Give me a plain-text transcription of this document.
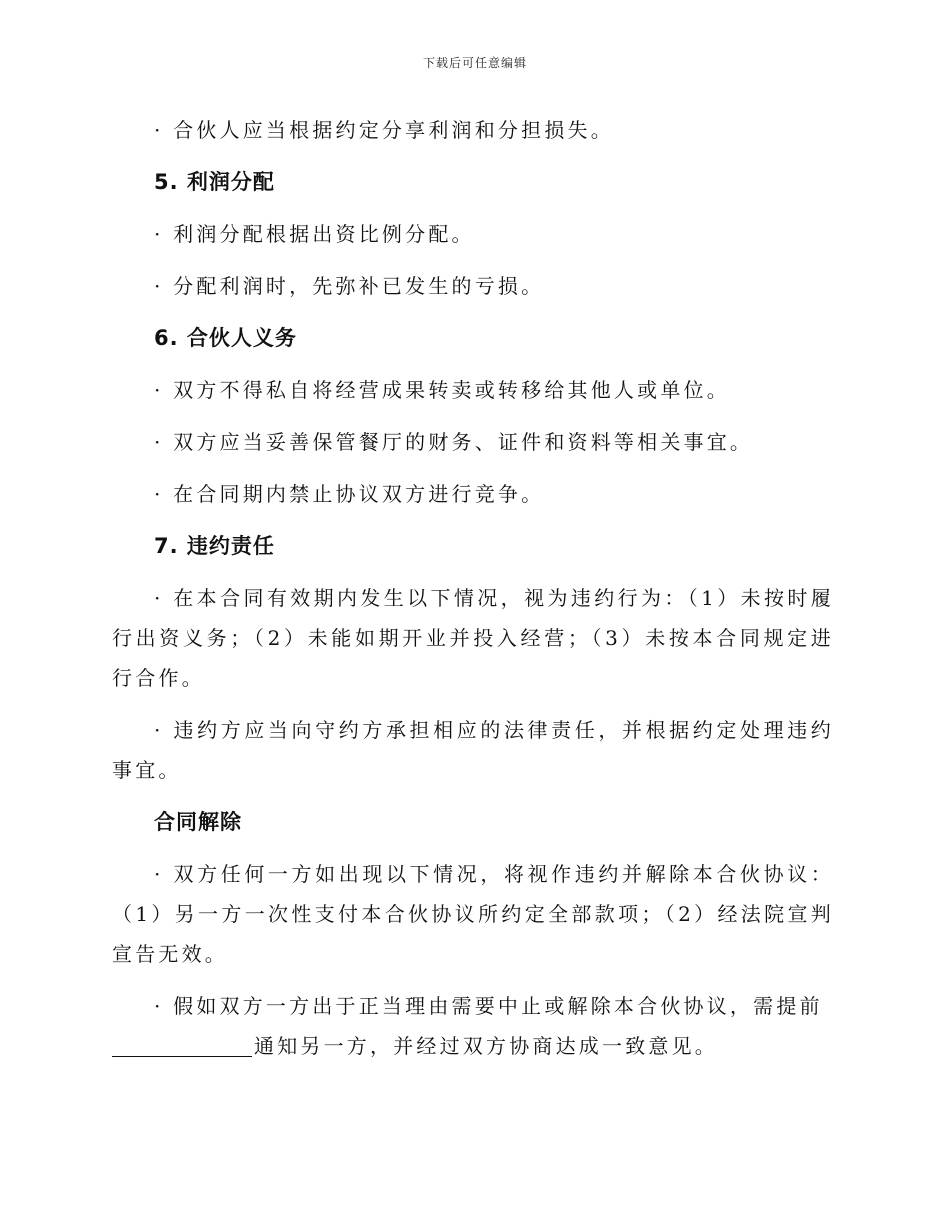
下载后可任意编辑

· 合伙人应当根据约定分享利润和分担损失。

5. 利润分配

· 利润分配根据出资比例分配。

· 分配利润时，先弥补已发生的亏损。

6. 合伙人义务

· 双方不得私自将经营成果转卖或转移给其他人或单位。

· 双方应当妥善保管餐厅的财务、证件和资料等相关事宜。

· 在合同期内禁止协议双方进行竞争。

7. 违约责任

· 在本合同有效期内发生以下情况，视为违约行为：（1）未按时履行出资义务；（2）未能如期开业并投入经营；（3）未按本合同规定进行合作。

· 违约方应当向守约方承担相应的法律责任，并根据约定处理违约事宜。

合同解除

· 双方任何一方如出现以下情况，将视作违约并解除本合伙协议：（1）另一方一次性支付本合伙协议所约定全部款项；（2）经法院宣判宣告无效。

· 假如双方一方出于正当理由需要中止或解除本合伙协议，需提前
通知另一方，并经过双方协商达成一致意见。
